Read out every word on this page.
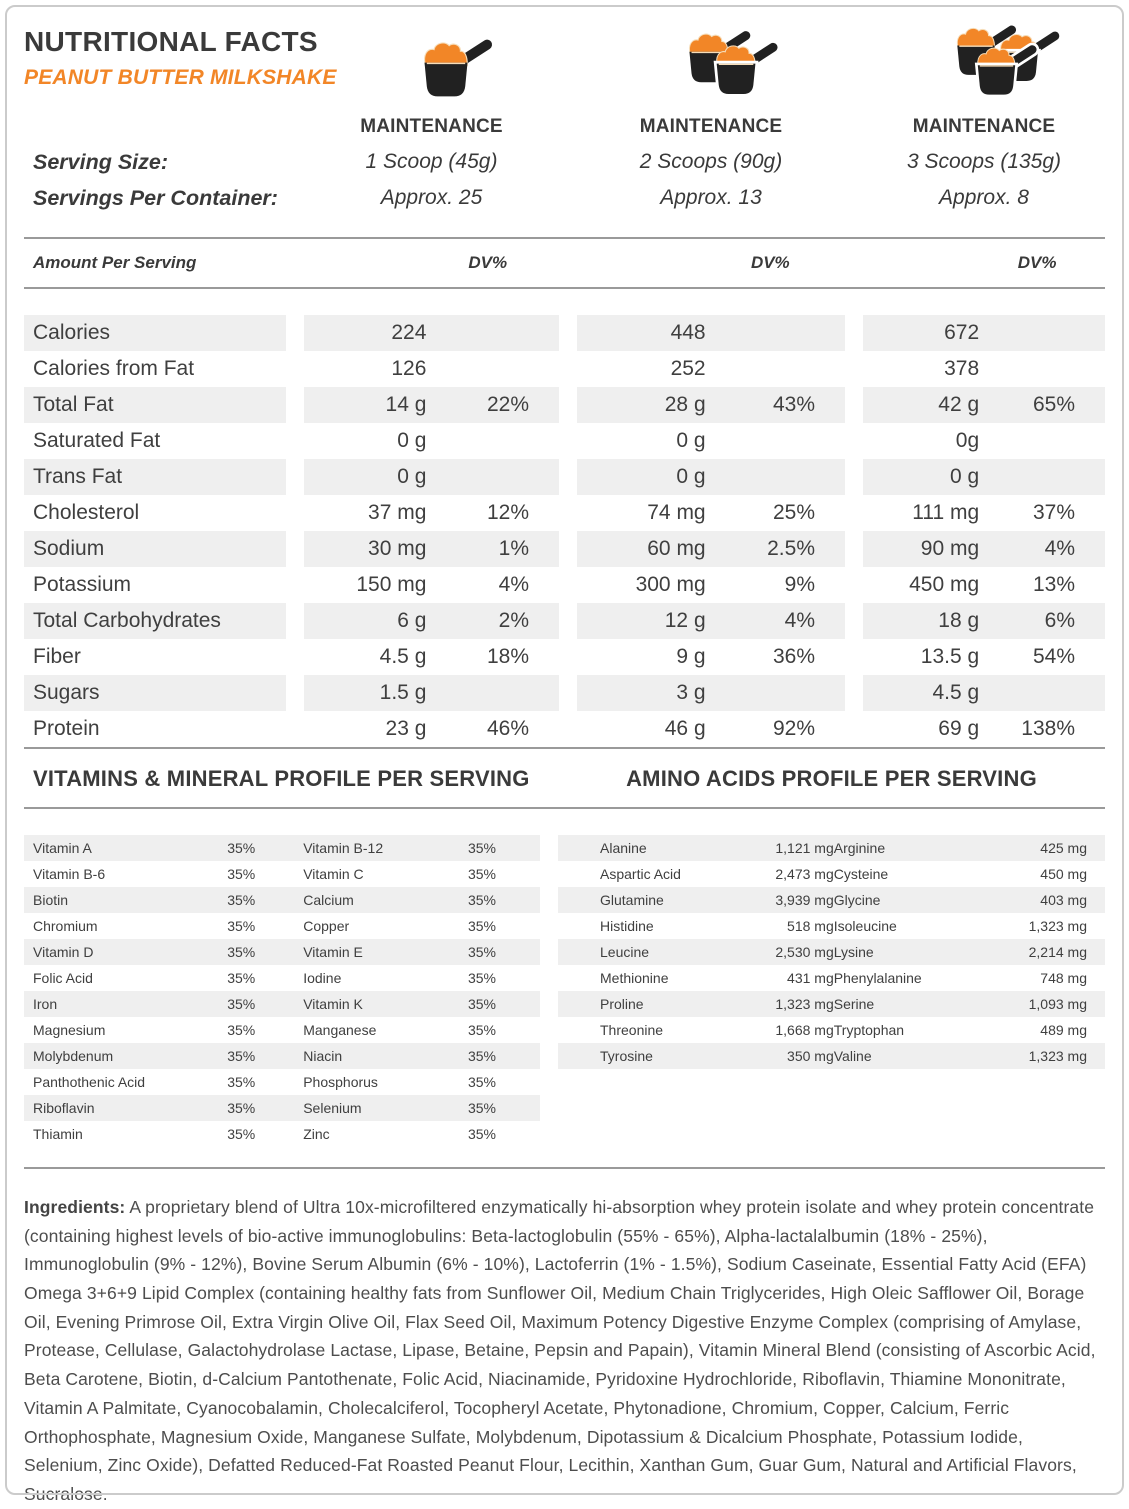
NUTRITIONAL FACTS
PEANUT BUTTER MILKSHAKE
MAINTENANCE	MAINTENANCE	MAINTENANCE
Serving Size:	1 Scoop (45g)	2 Scoops (90g)	3 Scoops (135g)
Servings Per Container:	Approx. 25	Approx. 13	Approx. 8
Amount Per Serving	DV%	DV%	DV%
Calories	224	448	672
Calories from Fat	126	252	378
Total Fat	14 g	22%	28 g	43%	42 g	65%
Saturated Fat	0 g	0 g	0g
Trans Fat	0 g	0 g	0 g
Cholesterol	37 mg	12%	74 mg	25%	111 mg	37%
Sodium	30 mg	1%	60 mg	2.5%	90 mg	4%
Potassium	150 mg	4%	300 mg	9%	450 mg	13%
Total Carbohydrates	6 g	2%	12 g	4%	18 g	6%
Fiber	4.5 g	18%	9 g	36%	13.5 g	54%
Sugars	1.5 g	3 g	4.5 g
Protein	23 g	46%	46 g	92%	69 g	138%
VITAMINS & MINERAL PROFILE PER SERVING	AMINO ACIDS PROFILE PER SERVING
Vitamin A	35%	Vitamin B-12	35%
Vitamin B-6	35%	Vitamin C	35%
Biotin	35%	Calcium	35%
Chromium	35%	Copper	35%
Vitamin D	35%	Vitamin E	35%
Folic Acid	35%	Iodine	35%
Iron	35%	Vitamin K	35%
Magnesium	35%	Manganese	35%
Molybdenum	35%	Niacin	35%
Panthothenic Acid	35%	Phosphorus	35%
Riboflavin	35%	Selenium	35%
Thiamin	35%	Zinc	35%
Alanine	1,121 mg Arginine	425 mg
Aspartic Acid	2,473 mg Cysteine	450 mg
Glutamine	3,939 mg Glycine	403 mg
Histidine	518 mg Isoleucine	1,323 mg
Leucine	2,530 mg Lysine	2,214 mg
Methionine	431 mg Phenylalanine	748 mg
Proline	1,323 mg Serine	1,093 mg
Threonine	1,668 mg Tryptophan	489 mg
Tyrosine	350 mg Valine	1,323 mg

Ingredients: A proprietary blend of Ultra 10x-microfiltered enzymatically hi-absorption whey protein isolate and whey protein concentrate (containing highest levels of bio-active immunoglobulins: Beta-lactoglobulin (55% - 65%), Alpha-lactalalbumin (18% - 25%), Immunoglobulin (9% - 12%), Bovine Serum Albumin (6% - 10%), Lactoferrin (1% - 1.5%), Sodium Caseinate, Essential Fatty Acid (EFA) Omega 3+6+9 Lipid Complex (containing healthy fats from Sunflower Oil, Medium Chain Triglycerides, High Oleic Safflower Oil, Borage Oil, Evening Primrose Oil, Extra Virgin Olive Oil, Flax Seed Oil, Maximum Potency Digestive Enzyme Complex (comprising of Amylase, Protease, Cellulase, Galactohydrolase Lactase, Lipase, Betaine, Pepsin and Papain), Vitamin Mineral Blend (consisting of Ascorbic Acid, Beta Carotene, Biotin, d-Calcium Pantothenate, Folic Acid, Niacinamide, Pyridoxine Hydrochloride, Riboflavin, Thiamine Mononitrate, Vitamin A Palmitate, Cyanocobalamin, Cholecalciferol, Tocopheryl Acetate, Phytonadione, Chromium, Copper, Calcium, Ferric Orthophosphate, Magnesium Oxide, Manganese Sulfate, Molybdenum, Dipotassium & Dicalcium Phosphate, Potassium Iodide, Selenium, Zinc Oxide), Defatted Reduced-Fat Roasted Peanut Flour, Lecithin, Xanthan Gum, Guar Gum, Natural and Artificial Flavors, Sucralose.
